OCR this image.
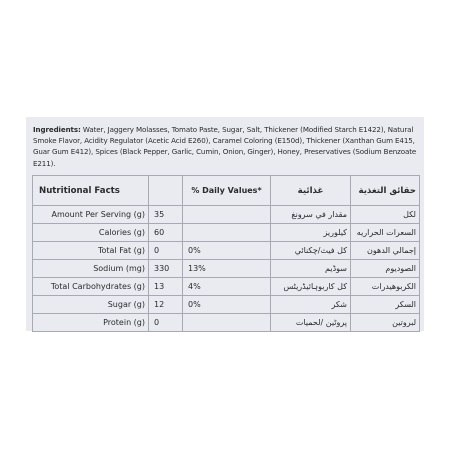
Ingredients: Water, Jaggery Molasses, Tomato Paste, Sugar, Salt, Thickener (Modified Starch E1422), Natural Smoke Flavor, Acidity Regulator (Acetic Acid E260), Caramel Coloring (E150d), Thickener (Xanthan Gum E415, Guar Gum E412), Spices (Black Pepper, Garlic, Cumin, Onion, Ginger), Honey, Preservatives (Sodium Benzoate E211).

Nutritional Facts		% Daily Values*	غذائية	حقائق التغذية
Amount Per Serving (g)	35		مقدار في سرونغ	لكل
Calories (g)	60		كيلوريز	السعرات الحراريه
Total Fat (g)	0	0%	كل فيث/چكنائي	إجمالي الدهون
Sodium (mg)	330	13%	سوڈیم	الصوديوم
Total Carbohydrates (g)	13	4%	كل كاربوہائیڈریٹس	الكربوهيدرات
Sugar (g)	12	0%	شکر	السكر
Protein (g)	0		پروٹین /لحميات	لبروتين
